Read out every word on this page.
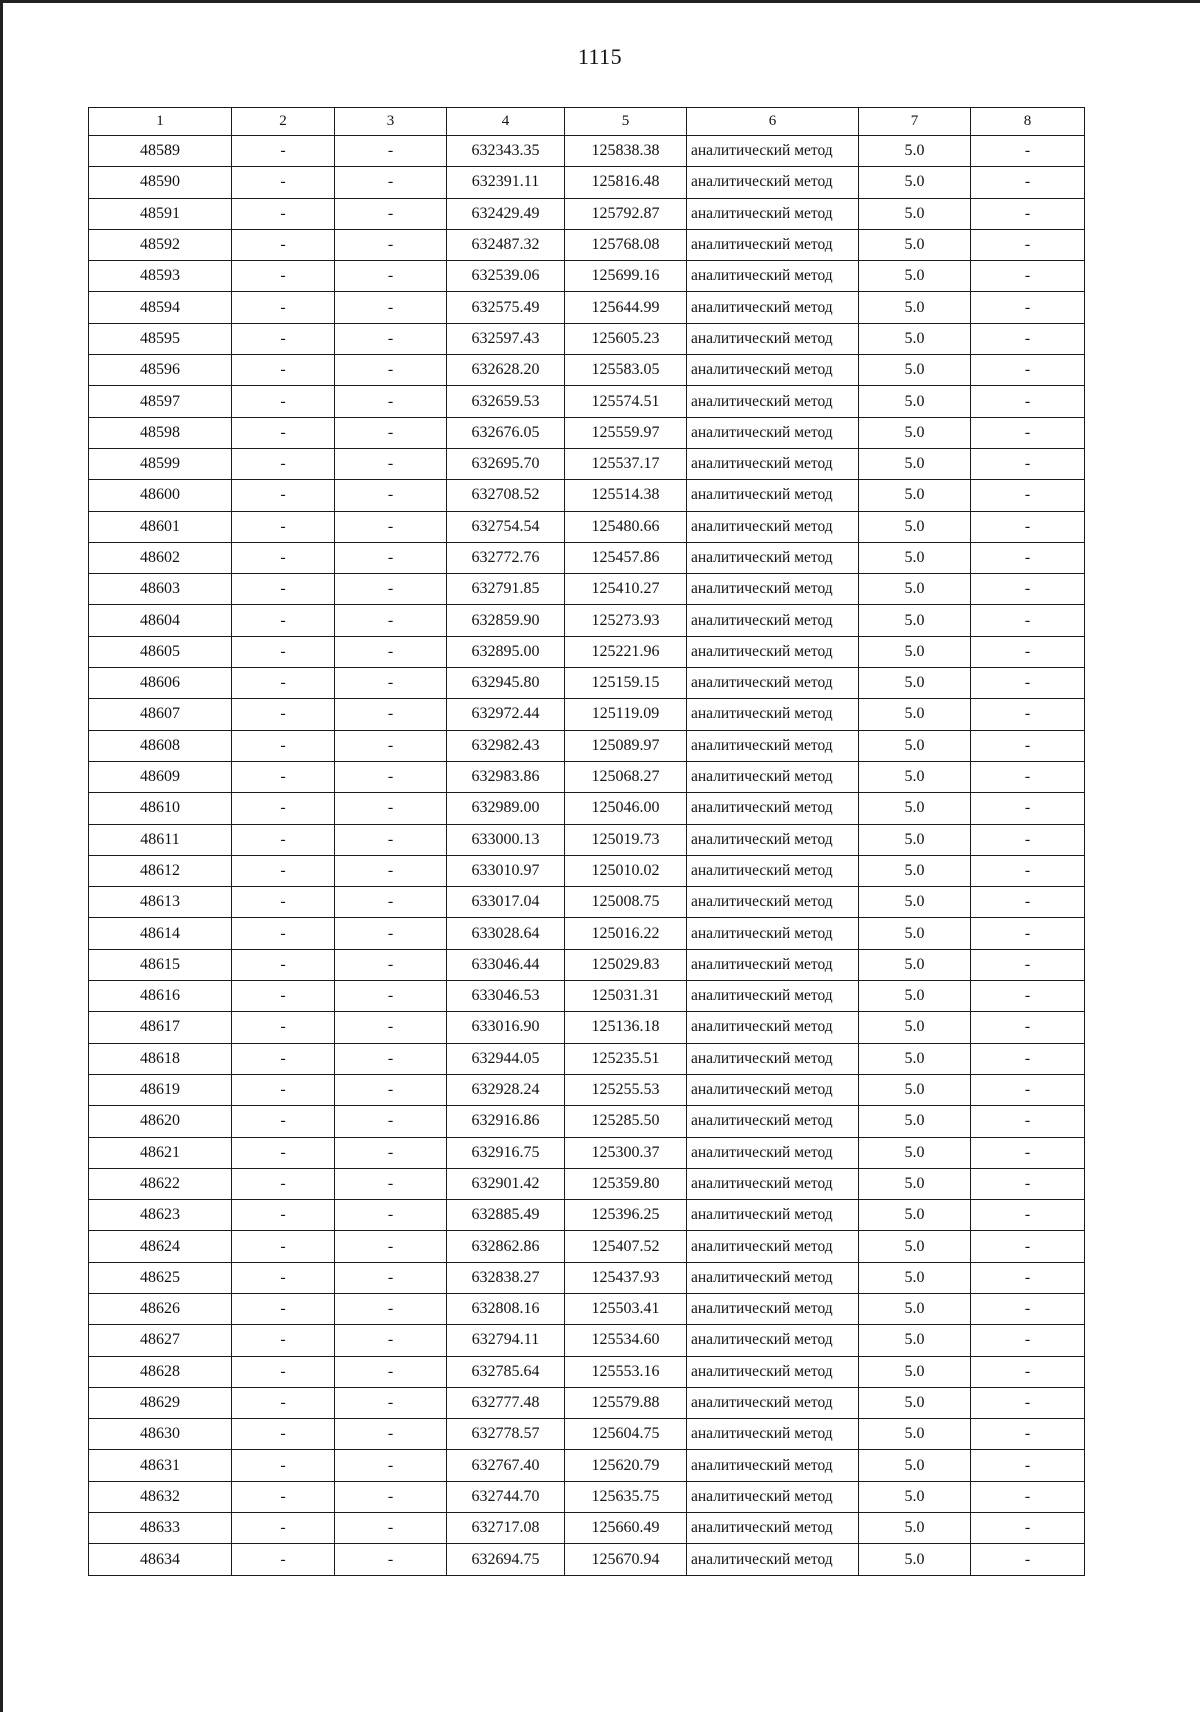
1115
1	2	3	4	5	6	7	8
48589	-	-	632343.35	125838.38	аналитический метод	5.0	-
48590	-	-	632391.11	125816.48	аналитический метод	5.0	-
48591	-	-	632429.49	125792.87	аналитический метод	5.0	-
48592	-	-	632487.32	125768.08	аналитический метод	5.0	-
48593	-	-	632539.06	125699.16	аналитический метод	5.0	-
48594	-	-	632575.49	125644.99	аналитический метод	5.0	-
48595	-	-	632597.43	125605.23	аналитический метод	5.0	-
48596	-	-	632628.20	125583.05	аналитический метод	5.0	-
48597	-	-	632659.53	125574.51	аналитический метод	5.0	-
48598	-	-	632676.05	125559.97	аналитический метод	5.0	-
48599	-	-	632695.70	125537.17	аналитический метод	5.0	-
48600	-	-	632708.52	125514.38	аналитический метод	5.0	-
48601	-	-	632754.54	125480.66	аналитический метод	5.0	-
48602	-	-	632772.76	125457.86	аналитический метод	5.0	-
48603	-	-	632791.85	125410.27	аналитический метод	5.0	-
48604	-	-	632859.90	125273.93	аналитический метод	5.0	-
48605	-	-	632895.00	125221.96	аналитический метод	5.0	-
48606	-	-	632945.80	125159.15	аналитический метод	5.0	-
48607	-	-	632972.44	125119.09	аналитический метод	5.0	-
48608	-	-	632982.43	125089.97	аналитический метод	5.0	-
48609	-	-	632983.86	125068.27	аналитический метод	5.0	-
48610	-	-	632989.00	125046.00	аналитический метод	5.0	-
48611	-	-	633000.13	125019.73	аналитический метод	5.0	-
48612	-	-	633010.97	125010.02	аналитический метод	5.0	-
48613	-	-	633017.04	125008.75	аналитический метод	5.0	-
48614	-	-	633028.64	125016.22	аналитический метод	5.0	-
48615	-	-	633046.44	125029.83	аналитический метод	5.0	-
48616	-	-	633046.53	125031.31	аналитический метод	5.0	-
48617	-	-	633016.90	125136.18	аналитический метод	5.0	-
48618	-	-	632944.05	125235.51	аналитический метод	5.0	-
48619	-	-	632928.24	125255.53	аналитический метод	5.0	-
48620	-	-	632916.86	125285.50	аналитический метод	5.0	-
48621	-	-	632916.75	125300.37	аналитический метод	5.0	-
48622	-	-	632901.42	125359.80	аналитический метод	5.0	-
48623	-	-	632885.49	125396.25	аналитический метод	5.0	-
48624	-	-	632862.86	125407.52	аналитический метод	5.0	-
48625	-	-	632838.27	125437.93	аналитический метод	5.0	-
48626	-	-	632808.16	125503.41	аналитический метод	5.0	-
48627	-	-	632794.11	125534.60	аналитический метод	5.0	-
48628	-	-	632785.64	125553.16	аналитический метод	5.0	-
48629	-	-	632777.48	125579.88	аналитический метод	5.0	-
48630	-	-	632778.57	125604.75	аналитический метод	5.0	-
48631	-	-	632767.40	125620.79	аналитический метод	5.0	-
48632	-	-	632744.70	125635.75	аналитический метод	5.0	-
48633	-	-	632717.08	125660.49	аналитический метод	5.0	-
48634	-	-	632694.75	125670.94	аналитический метод	5.0	-
